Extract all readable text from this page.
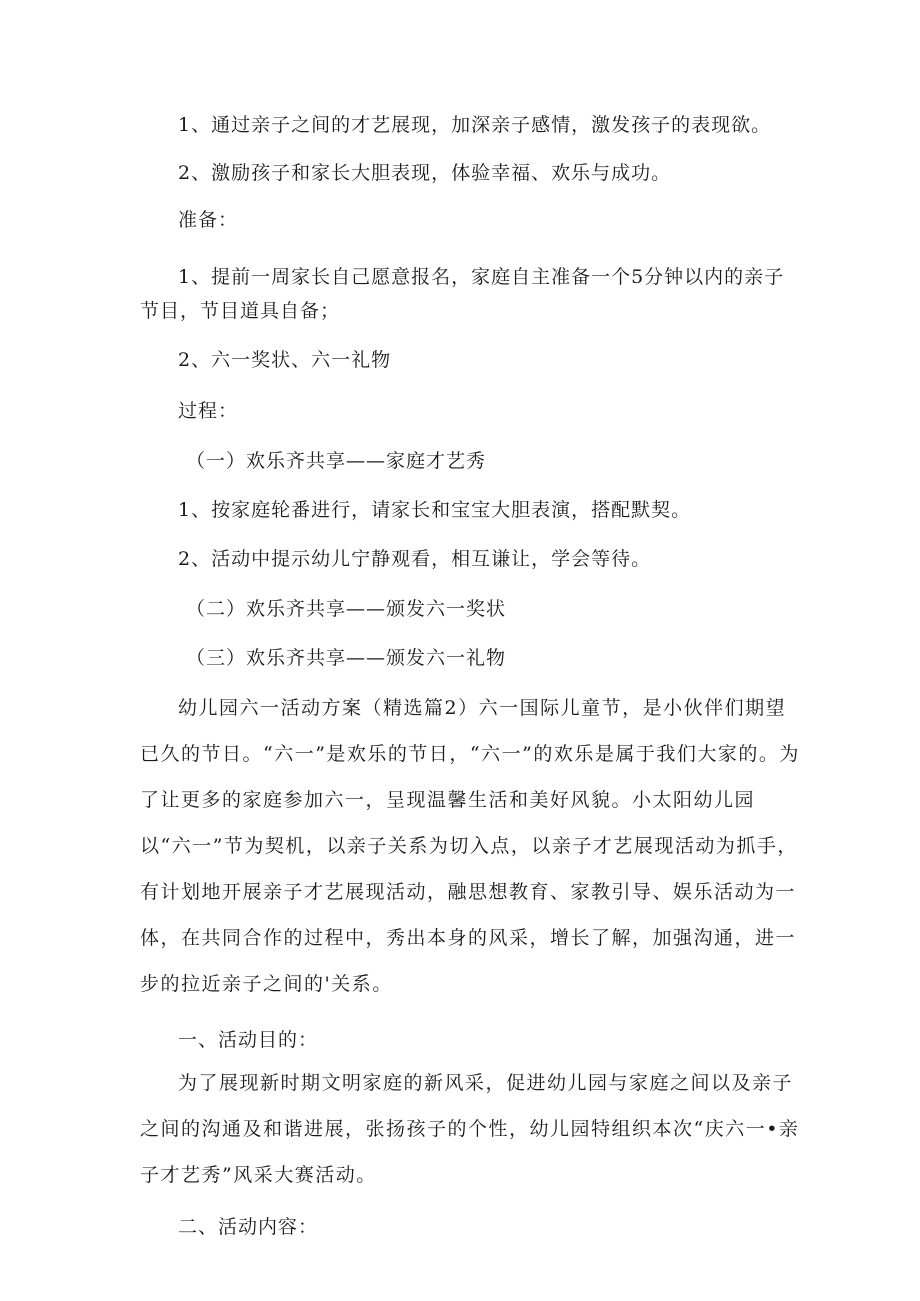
1、通过亲子之间的才艺展现，加深亲子感情，激发孩子的表现欲。
2、激励孩子和家长大胆表现，体验幸福、欢乐与成功。
准备：
1、提前一周家长自己愿意报名，家庭自主准备一个5分钟以内的亲子
节目，节目道具自备；
2、六一奖状、六一礼物
过程：
（一）欢乐齐共享——家庭才艺秀
1、按家庭轮番进行，请家长和宝宝大胆表演，搭配默契。
2、活动中提示幼儿宁静观看，相互谦让，学会等待。
（二）欢乐齐共享——颁发六一奖状
（三）欢乐齐共享——颁发六一礼物
幼儿园六一活动方案（精选篇2）六一国际儿童节，是小伙伴们期望已久的节日。“六一”是欢乐的节日，“六一”的欢乐是属于我们大家的。为了让更多的家庭参加六一，呈现温馨生活和美好风貌。小太阳幼儿园以“六一”节为契机，以亲子关系为切入点，以亲子才艺展现活动为抓手，有计划地开展亲子才艺展现活动，融思想教育、家教引导、娱乐活动为一体，在共同合作的过程中，秀出本身的风采，增长了解，加强沟通，进一步的拉近亲子之间的'关系。
一、活动目的：
为了展现新时期文明家庭的新风采，促进幼儿园与家庭之间以及亲子之间的沟通及和谐进展，张扬孩子的个性，幼儿园特组织本次“庆六一•亲子才艺秀”风采大赛活动。
二、活动内容：
